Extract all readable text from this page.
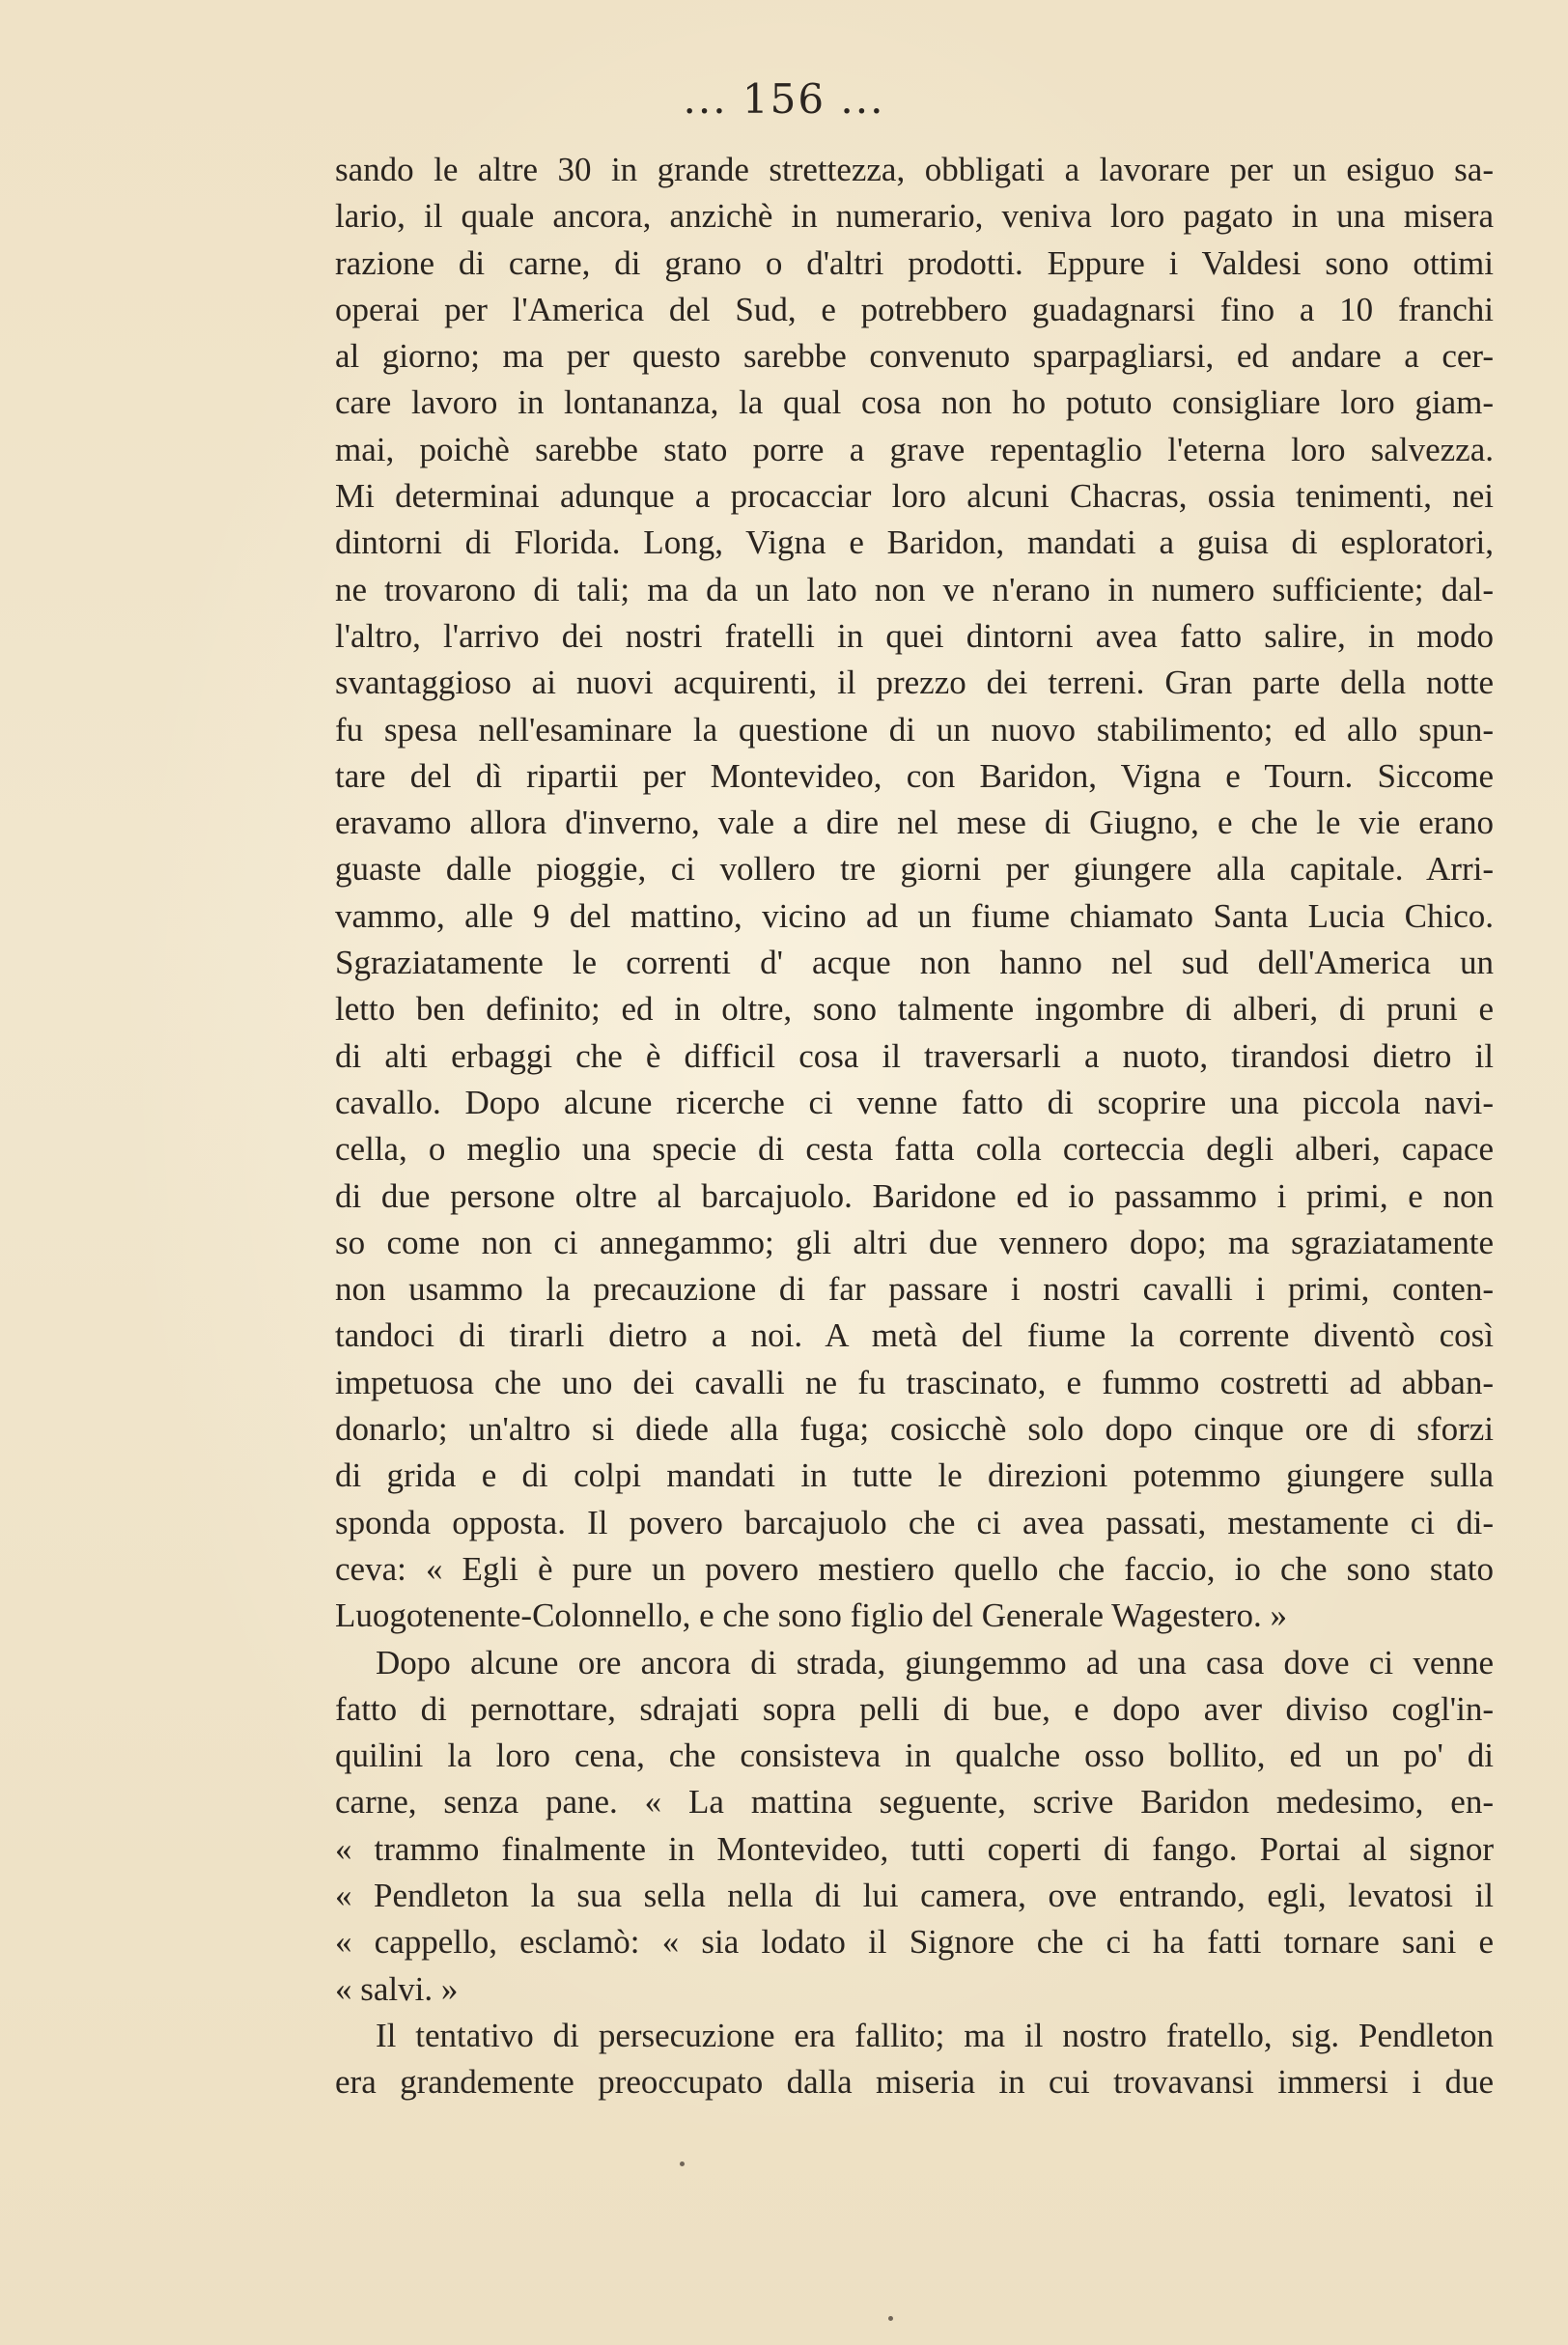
... 156 ...
sando le altre 30 in grande strettezza, obbligati a lavorare per un esiguo sa-
lario, il quale ancora, anzichè in numerario, veniva loro pagato in una misera
razione di carne, di grano o d'altri prodotti. Eppure i Valdesi sono ottimi
operai per l'America del Sud, e potrebbero guadagnarsi fino a 10 franchi
al giorno; ma per questo sarebbe convenuto sparpagliarsi, ed andare a cer-
care lavoro in lontananza, la qual cosa non ho potuto consigliare loro giam-
mai, poichè sarebbe stato porre a grave repentaglio l'eterna loro salvezza.
Mi determinai adunque a procacciar loro alcuni Chacras, ossia tenimenti, nei
dintorni di Florida. Long, Vigna e Baridon, mandati a guisa di esploratori,
ne trovarono di tali; ma da un lato non ve n'erano in numero sufficiente; dal-
l'altro, l'arrivo dei nostri fratelli in quei dintorni avea fatto salire, in modo
svantaggioso ai nuovi acquirenti, il prezzo dei terreni. Gran parte della notte
fu spesa nell'esaminare la questione di un nuovo stabilimento; ed allo spun-
tare del dì ripartii per Montevideo, con Baridon, Vigna e Tourn. Siccome
eravamo allora d'inverno, vale a dire nel mese di Giugno, e che le vie erano
guaste dalle pioggie, ci vollero tre giorni per giungere alla capitale. Arri-
vammo, alle 9 del mattino, vicino ad un fiume chiamato Santa Lucia Chico.
Sgraziatamente le correnti d' acque non hanno nel sud dell'America un
letto ben definito; ed in oltre, sono talmente ingombre di alberi, di pruni e
di alti erbaggi che è difficil cosa il traversarli a nuoto, tirandosi dietro il
cavallo. Dopo alcune ricerche ci venne fatto di scoprire una piccola navi-
cella, o meglio una specie di cesta fatta colla corteccia degli alberi, capace
di due persone oltre al barcajuolo. Baridone ed io passammo i primi, e non
so come non ci annegammo; gli altri due vennero dopo; ma sgraziatamente
non usammo la precauzione di far passare i nostri cavalli i primi, conten-
tandoci di tirarli dietro a noi. A metà del fiume la corrente diventò così
impetuosa che uno dei cavalli ne fu trascinato, e fummo costretti ad abban-
donarlo; un'altro si diede alla fuga; cosicchè solo dopo cinque ore di sforzi
di grida e di colpi mandati in tutte le direzioni potemmo giungere sulla
sponda opposta. Il povero barcajuolo che ci avea passati, mestamente ci di-
ceva: « Egli è pure un povero mestiero quello che faccio, io che sono stato
Luogotenente-Colonnello, e che sono figlio del Generale Wagestero. »
Dopo alcune ore ancora di strada, giungemmo ad una casa dove ci venne
fatto di pernottare, sdrajati sopra pelli di bue, e dopo aver diviso cogl'in-
quilini la loro cena, che consisteva in qualche osso bollito, ed un po' di
carne, senza pane. « La mattina seguente, scrive Baridon medesimo, en-
« trammo finalmente in Montevideo, tutti coperti di fango. Portai al signor
« Pendleton la sua sella nella di lui camera, ove entrando, egli, levatosi il
« cappello, esclamò: « sia lodato il Signore che ci ha fatti tornare sani e
« salvi. »
Il tentativo di persecuzione era fallito; ma il nostro fratello, sig. Pendleton
era grandemente preoccupato dalla miseria in cui trovavansi immersi i due
